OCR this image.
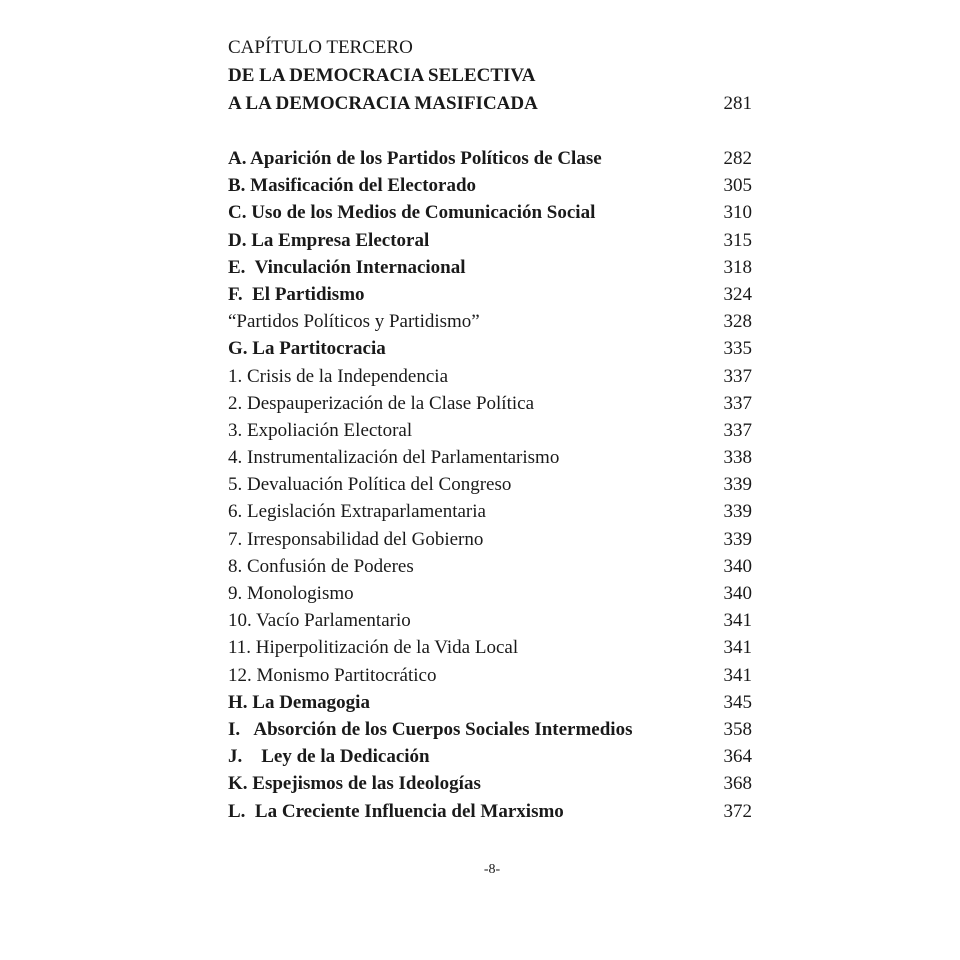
CAPÍTULO TERCERO
DE LA DEMOCRACIA SELECTIVA
A LA DEMOCRACIA MASIFICADA	281
A. Aparición de los Partidos Políticos de Clase	282
B. Masificación del Electorado	305
C. Uso de los Medios de Comunicación Social	310
D. La Empresa Electoral	315
E.  Vinculación Internacional	318
F.  El Partidismo	324
“Partidos Políticos y Partidismo”	328
G. La Partitocracia	335
1. Crisis de la Independencia	337
2. Despauperización de la Clase Política	337
3. Expoliación Electoral	337
4. Instrumentalización del Parlamentarismo	338
5. Devaluación Política del Congreso	339
6. Legislación Extraparlamentaria	339
7. Irresponsabilidad del Gobierno	339
8. Confusión de Poderes	340
9. Monologismo	340
10. Vacío Parlamentario	341
11. Hiperpolitización de la Vida Local	341
12. Monismo Partitocrático	341
H. La Demagogia	345
I.   Absorción de los Cuerpos Sociales Intermedios	358
J.    Ley de la Dedicación	364
K. Espejismos de las Ideologías	368
L.  La Creciente Influencia del Marxismo	372
-8-
